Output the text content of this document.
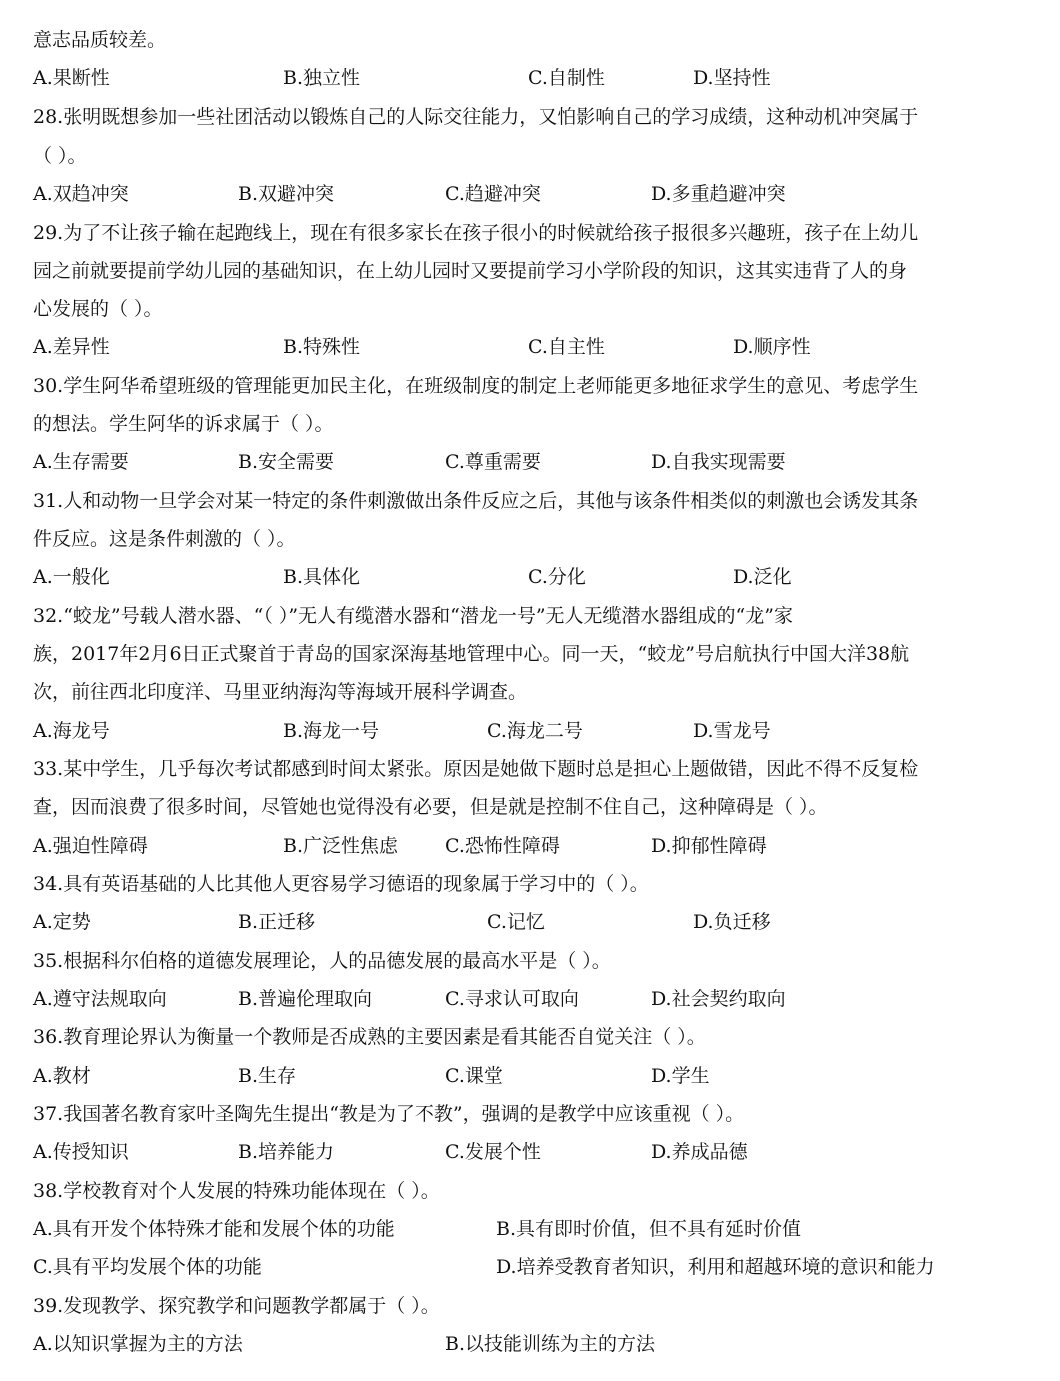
意志品质较差。
A.果断性	B.独立性	C.自制性	D.坚持性
28.张明既想参加一些社团活动以锻炼自己的人际交往能力，又怕影响自己的学习成绩，这种动机冲突属于
（ ）。
A.双趋冲突	B.双避冲突	C.趋避冲突	D.多重趋避冲突
29.为了不让孩子输在起跑线上，现在有很多家长在孩子很小的时候就给孩子报很多兴趣班，孩子在上幼儿
园之前就要提前学幼儿园的基础知识，在上幼儿园时又要提前学习小学阶段的知识，这其实违背了人的身
心发展的（ ）。
A.差异性	B.特殊性	C.自主性	D.顺序性
30.学生阿华希望班级的管理能更加民主化，在班级制度的制定上老师能更多地征求学生的意见、考虑学生
的想法。学生阿华的诉求属于（ ）。
A.生存需要	B.安全需要	C.尊重需要	D.自我实现需要
31.人和动物一旦学会对某一特定的条件刺激做出条件反应之后，其他与该条件相类似的刺激也会诱发其条
件反应。这是条件刺激的（ ）。
A.一般化	B.具体化	C.分化	D.泛化
32.“蛟龙”号载人潜水器、“（ ）”无人有缆潜水器和“潜龙一号”无人无缆潜水器组成的“龙”家
族，2017年2月6日正式聚首于青岛的国家深海基地管理中心。同一天，“蛟龙”号启航执行中国大洋38航
次，前往西北印度洋、马里亚纳海沟等海域开展科学调查。
A.海龙号	B.海龙一号	C.海龙二号	D.雪龙号
33.某中学生，几乎每次考试都感到时间太紧张。原因是她做下题时总是担心上题做错，因此不得不反复检
查，因而浪费了很多时间，尽管她也觉得没有必要，但是就是控制不住自己，这种障碍是（ ）。
A.强迫性障碍	B.广泛性焦虑 C.恐怖性障碍	D.抑郁性障碍
34.具有英语基础的人比其他人更容易学习德语的现象属于学习中的（ ）。
A.定势	B.正迁移	C.记忆	D.负迁移
35.根据科尔伯格的道德发展理论，人的品德发展的最高水平是（ ）。
A.遵守法规取向	B.普遍伦理取向	C.寻求认可取向	D.社会契约取向
36.教育理论界认为衡量一个教师是否成熟的主要因素是看其能否自觉关注（ ）。
A.教材	B.生存	C.课堂	D.学生
37.我国著名教育家叶圣陶先生提出“教是为了不教”，强调的是教学中应该重视（ ）。
A.传授知识	B.培养能力	C.发展个性	D.养成品德
38.学校教育对个人发展的特殊功能体现在（ ）。
A.具有开发个体特殊才能和发展个体的功能	B.具有即时价值，但不具有延时价值
C.具有平均发展个体的功能	D.培养受教育者知识，利用和超越环境的意识和能力
39.发现教学、探究教学和问题教学都属于（ ）。
A.以知识掌握为主的方法	B.以技能训练为主的方法
